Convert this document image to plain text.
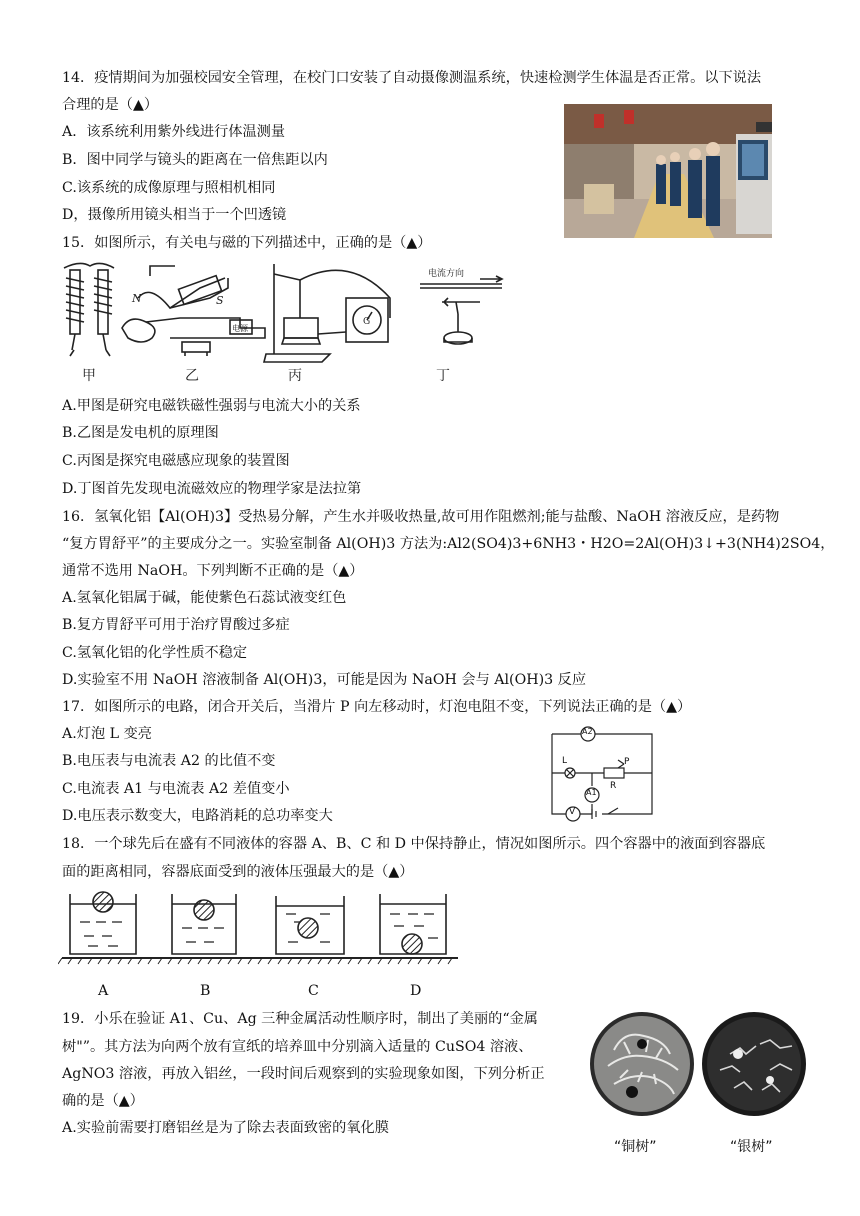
14．疫情期间为加强校园安全管理，在校门口安装了自动摄像测温系统，快速检测学生体温是否正常。以下说法
合理的是（▲）
A．该系统利用紫外线进行体温测量
B．图中同学与镜头的距离在一倍焦距以内
C.该系统的成像原理与照相机相同
D，摄像所用镜头相当于一个凹透镜
15．如图所示，有关电与磁的下列描述中，正确的是（▲）
N	S
电源
G
电流方向
甲	乙	丙	丁
A.甲图是研究电磁铁磁性强弱与电流大小的关系
B.乙图是发电机的原理图
C.丙图是探究电磁感应现象的装置图
D.丁图首先发现电流磁效应的物理学家是法拉第
16．氢氧化铝【Al(OH)3】受热易分解，产生水并吸收热量,故可用作阻燃剂;能与盐酸、NaOH 溶液反应，是药物
“复方胃舒平”的主要成分之一。实验室制备 Al(OH)3 方法为:Al2(SO4)3+6NH3・H2O=2Al(OH)3↓+3(NH4)2SO4，
通常不选用 NaOH。下列判断不正确的是（▲）
A.氢氧化铝属于碱，能使紫色石蕊试液变红色
B.复方胃舒平可用于治疗胃酸过多症
C.氢氧化铝的化学性质不稳定
D.实验室不用 NaOH 溶液制备 Al(OH)3，可能是因为 NaOH 会与 Al(OH)3 反应
17．如图所示的电路，闭合开关后，当滑片 P 向左移动时，灯泡电阻不变，下列说法正确的是（▲）
A.灯泡 L 变亮
B.电压表与电流表 A2 的比值不变
C.电流表 A1 与电流表 A2 差值变小
D.电压表示数变大，电路消耗的总功率变大
A2
A1
L	P
R
V
18．一个球先后在盛有不同液体的容器 A、B、C 和 D 中保持静止，情况如图所示。四个容器中的液面到容器底
面的距离相同，容器底面受到的液体压强最大的是（▲）
A	B	C	D
19．小乐在验证 A1、Cu、Ag 三种金属活动性顺序时，制出了美丽的“金属
树"”。其方法为向两个放有宣纸的培养皿中分别滴入适量的 CuSO4 溶液、
AgNO3 溶液，再放入铝丝，一段时间后观察到的实验现象如图，下列分析正
确的是（▲）
A.实验前需要打磨铝丝是为了除去表面致密的氧化膜
“铜树”	“银树”
